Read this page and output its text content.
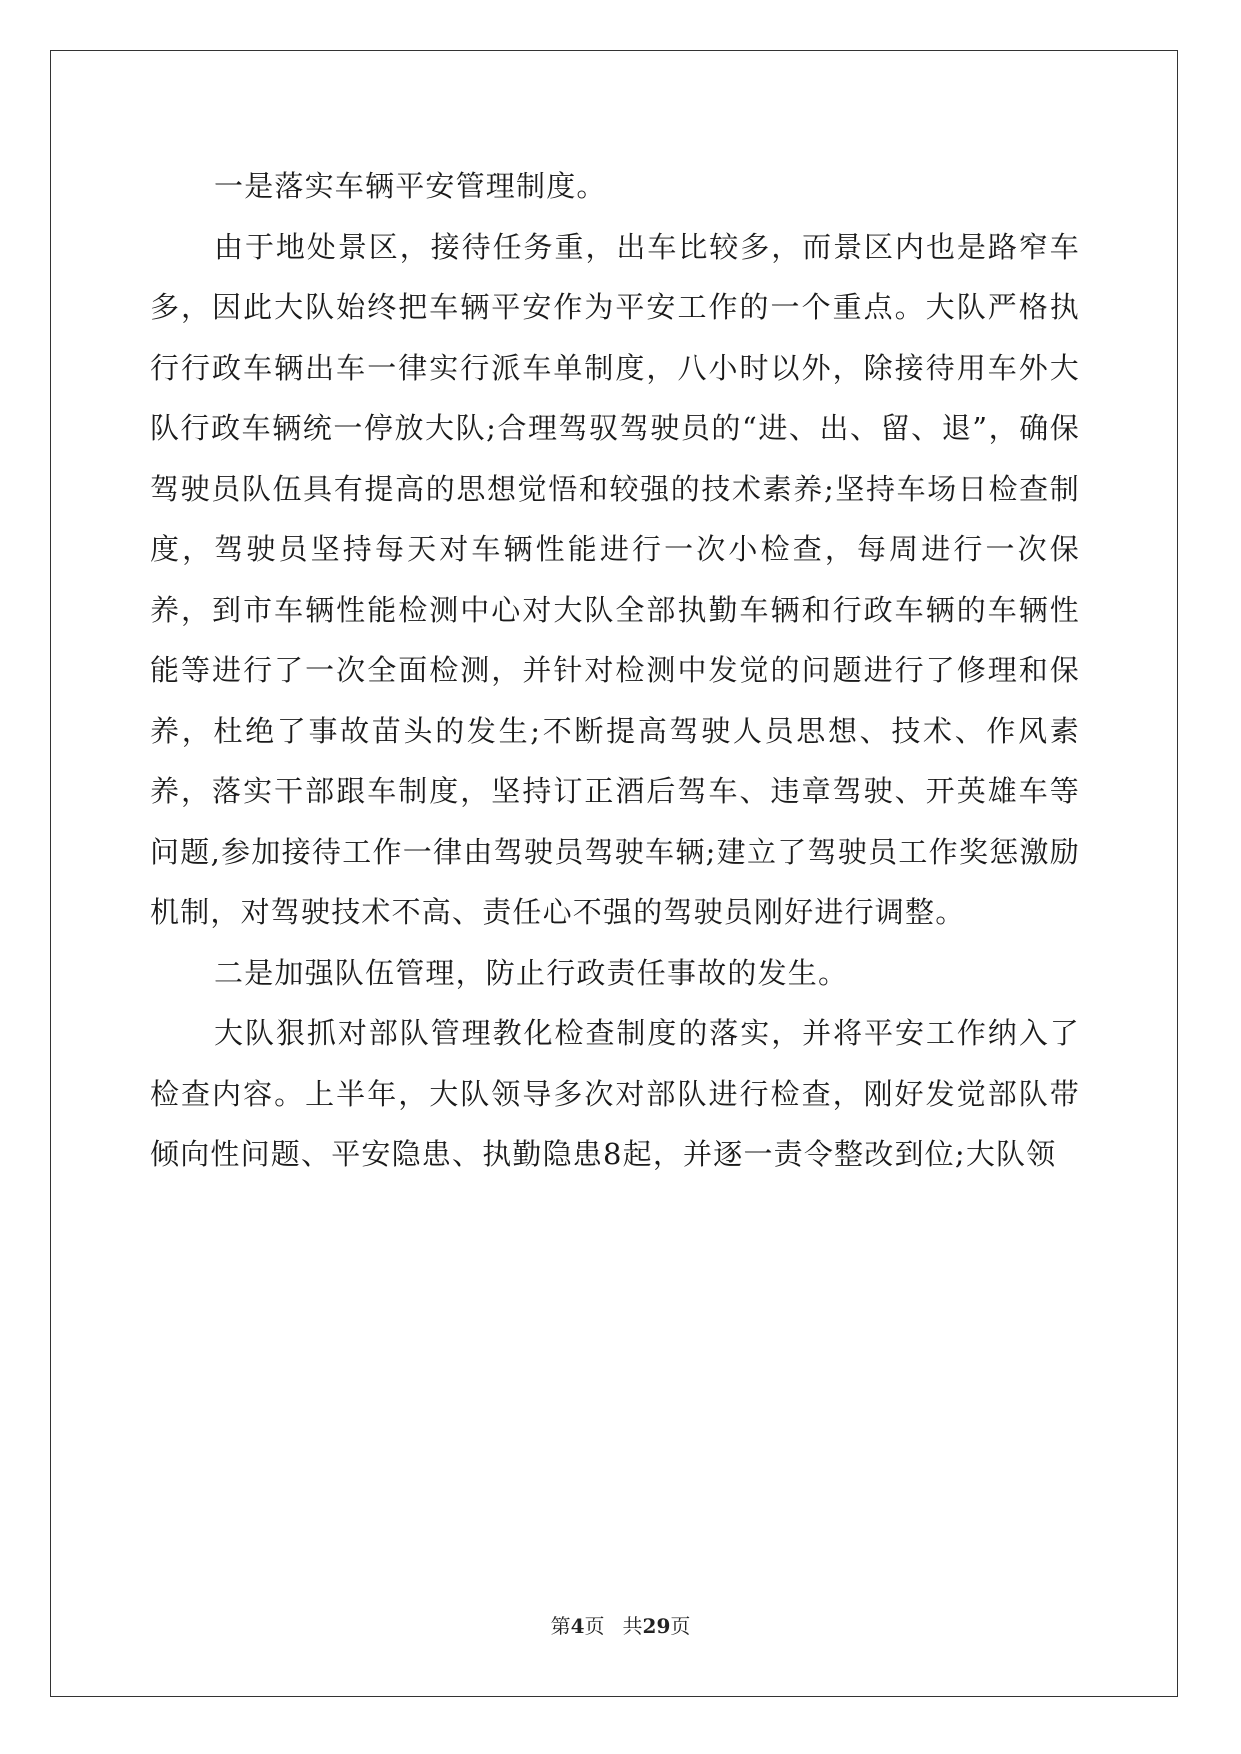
一是落实车辆平安管理制度。

由于地处景区，接待任务重，出车比较多，而景区内也是路窄车多，因此大队始终把车辆平安作为平安工作的一个重点。大队严格执行行政车辆出车一律实行派车单制度，八小时以外，除接待用车外大队行政车辆统一停放大队;合理驾驭驾驶员的“进、出、留、退”，确保驾驶员队伍具有提高的思想觉悟和较强的技术素养;坚持车场日检查制度，驾驶员坚持每天对车辆性能进行一次小检查，每周进行一次保养，到市车辆性能检测中心对大队全部执勤车辆和行政车辆的车辆性能等进行了一次全面检测，并针对检测中发觉的问题进行了修理和保养，杜绝了事故苗头的发生;不断提高驾驶人员思想、技术、作风素养，落实干部跟车制度，坚持订正酒后驾车、违章驾驶、开英雄车等问题,参加接待工作一律由驾驶员驾驶车辆;建立了驾驶员工作奖惩激励机制，对驾驶技术不高、责任心不强的驾驶员刚好进行调整。

二是加强队伍管理，防止行政责任事故的发生。

大队狠抓对部队管理教化检查制度的落实，并将平安工作纳入了检查内容。上半年，大队领导多次对部队进行检查，刚好发觉部队带倾向性问题、平安隐患、执勤隐患8起，并逐一责令整改到位;大队领

第4页 共29页
